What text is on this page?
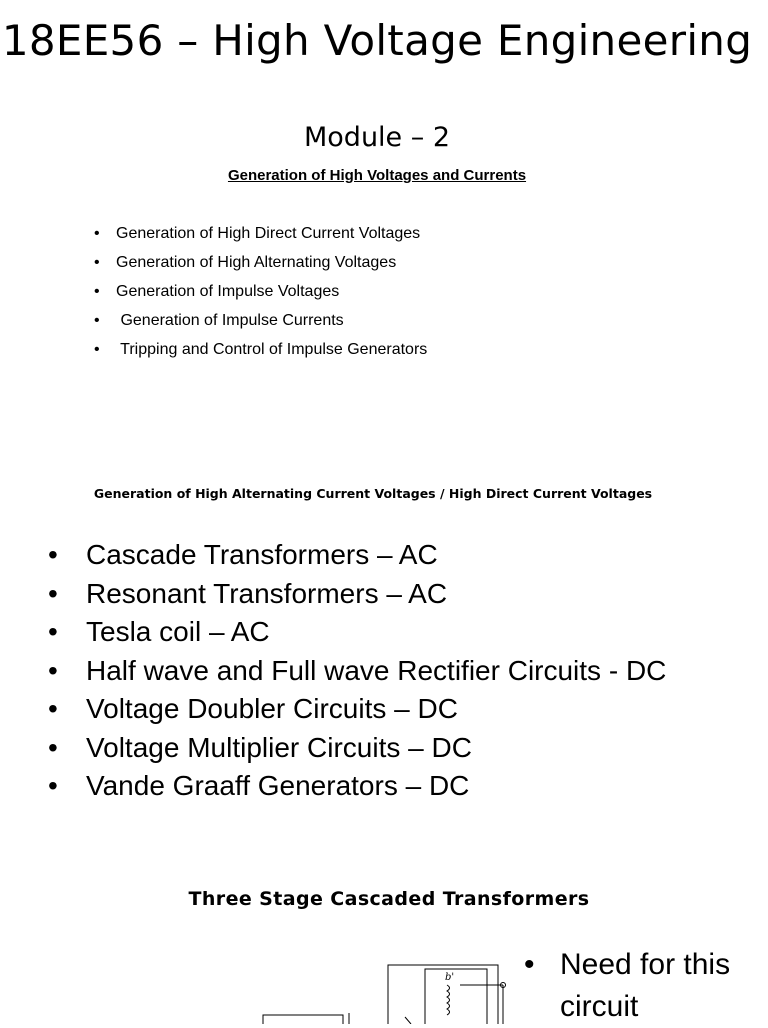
18EE56 – High Voltage Engineering
Module – 2
Generation of High Voltages and Currents
• Generation of High Direct Current Voltages
• Generation of High Alternating Voltages
• Generation of Impulse Voltages
•  Generation of Impulse Currents
•  Tripping and Control of Impulse Generators
Generation of High Alternating Current Voltages / High Direct Current Voltages
• Cascade Transformers – AC
• Resonant Transformers – AC
• Tesla coil – AC
• Half wave and Full wave Rectifier Circuits - DC
• Voltage Doubler Circuits – DC
• Voltage Multiplier Circuits – DC
• Vande Graaff Generators – DC
Three Stage Cascaded Transformers
b' • Need for this circuit
